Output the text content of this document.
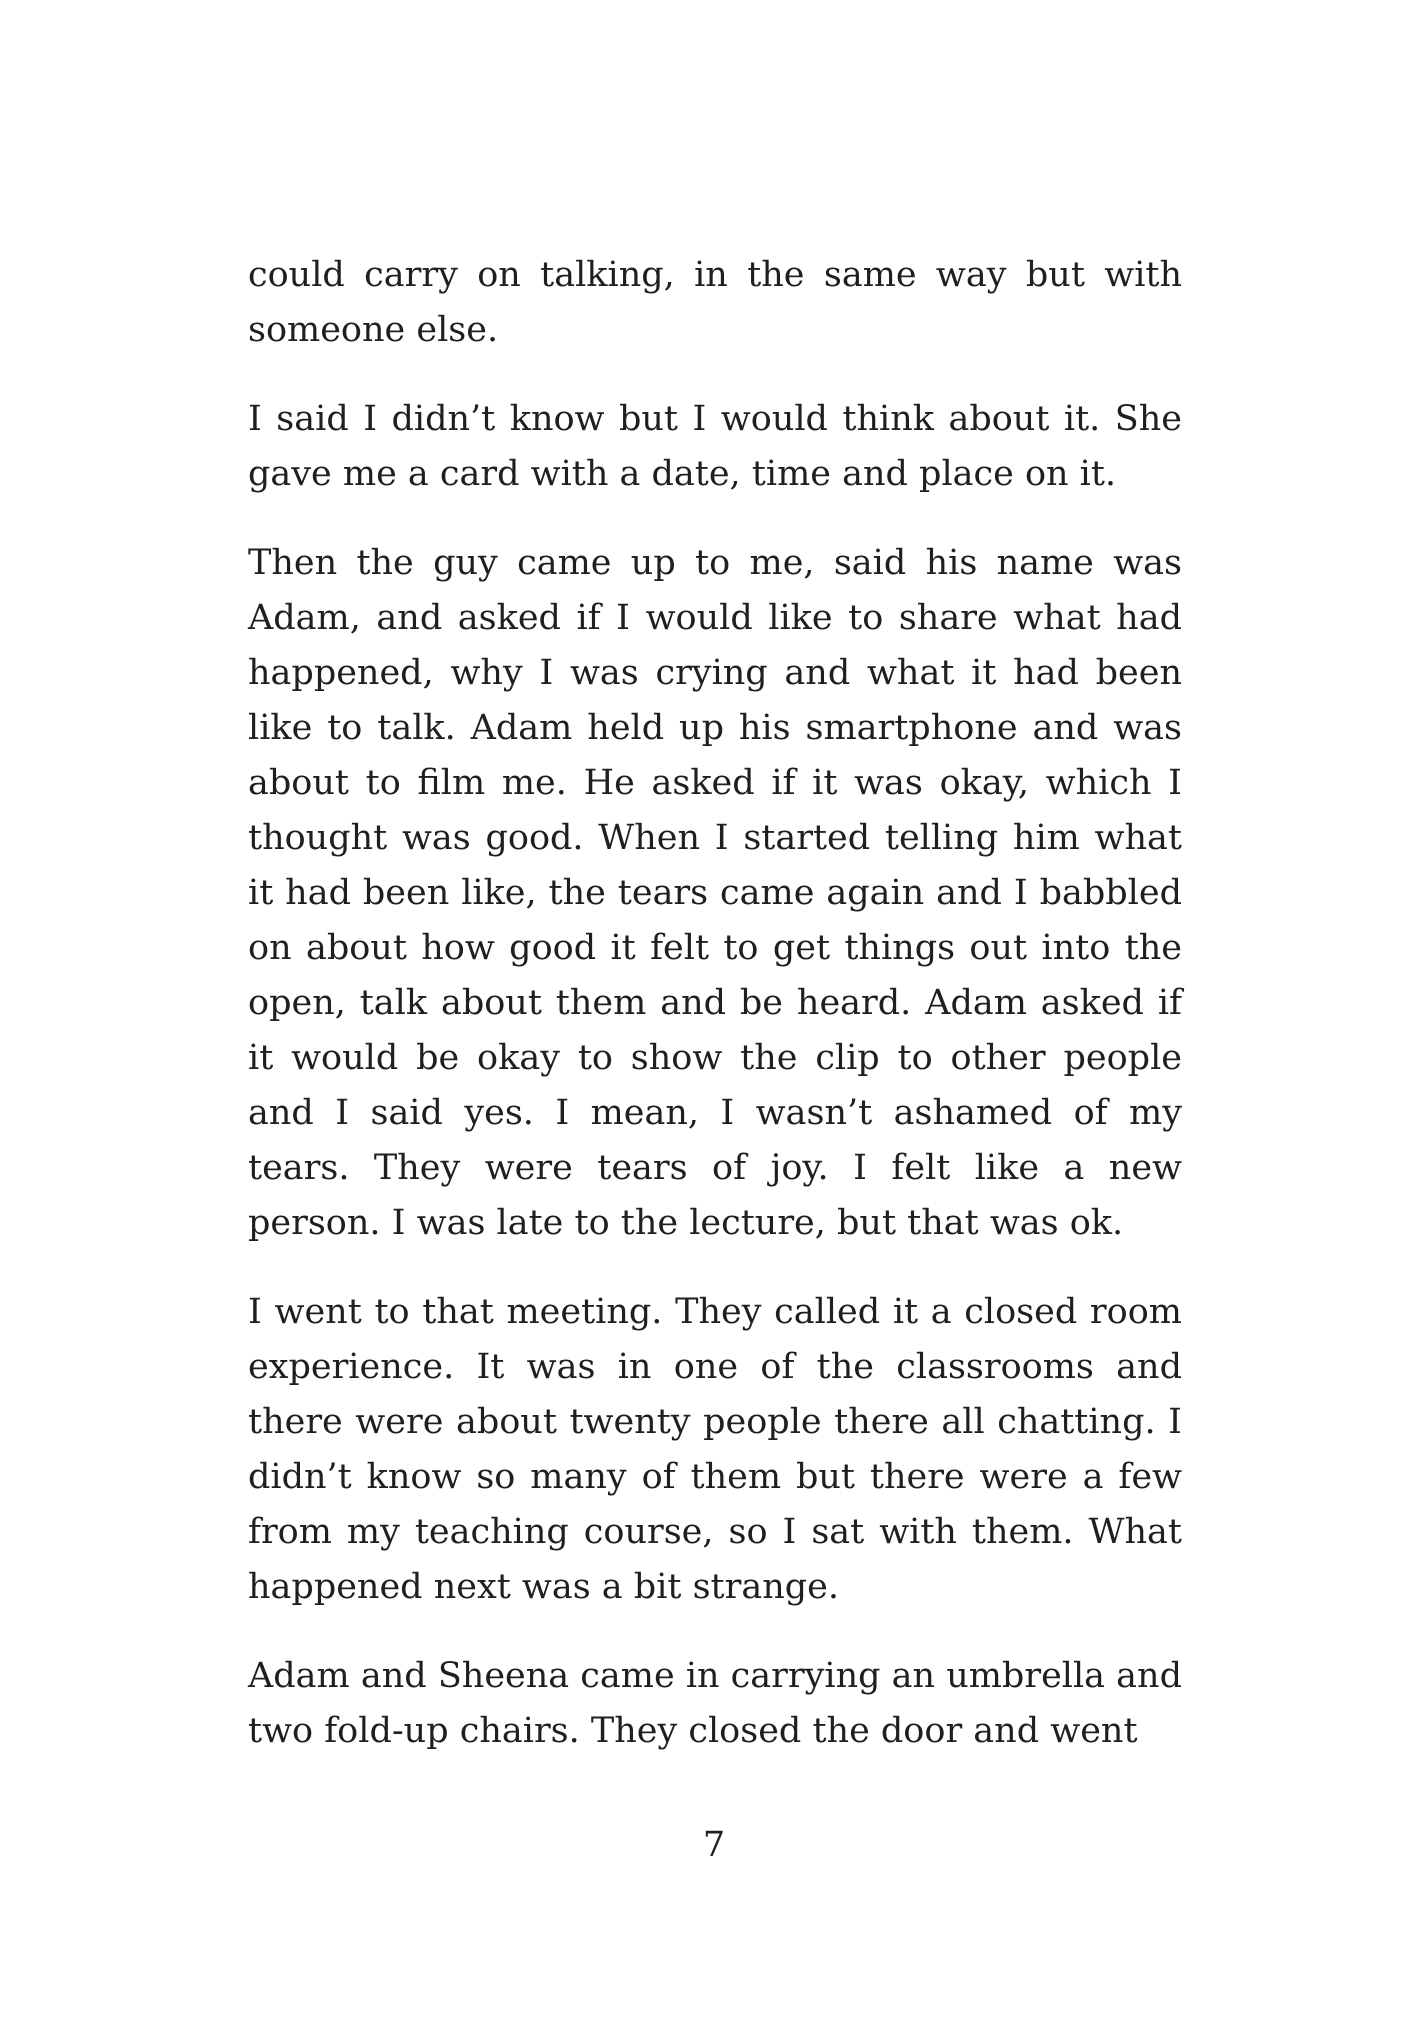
could carry on talking, in the same way but with someone else.

I said I didn’t know but I would think about it. She gave me a card with a date, time and place on it.

Then the guy came up to me, said his name was Adam, and asked if I would like to share what had happened, why I was crying and what it had been like to talk. Adam held up his smartphone and was about to film me. He asked if it was okay, which I thought was good. When I started telling him what it had been like, the tears came again and I babbled on about how good it felt to get things out into the open, talk about them and be heard. Adam asked if it would be okay to show the clip to other people and I said yes. I mean, I wasn’t ashamed of my tears. They were tears of joy. I felt like a new person. I was late to the lecture, but that was ok.

I went to that meeting. They called it a closed room experience. It was in one of the classrooms and there were about twenty people there all chatting. I didn’t know so many of them but there were a few from my teaching course, so I sat with them. What happened next was a bit strange.

Adam and Sheena came in carrying an umbrella and two fold-up chairs. They closed the door and went

7
